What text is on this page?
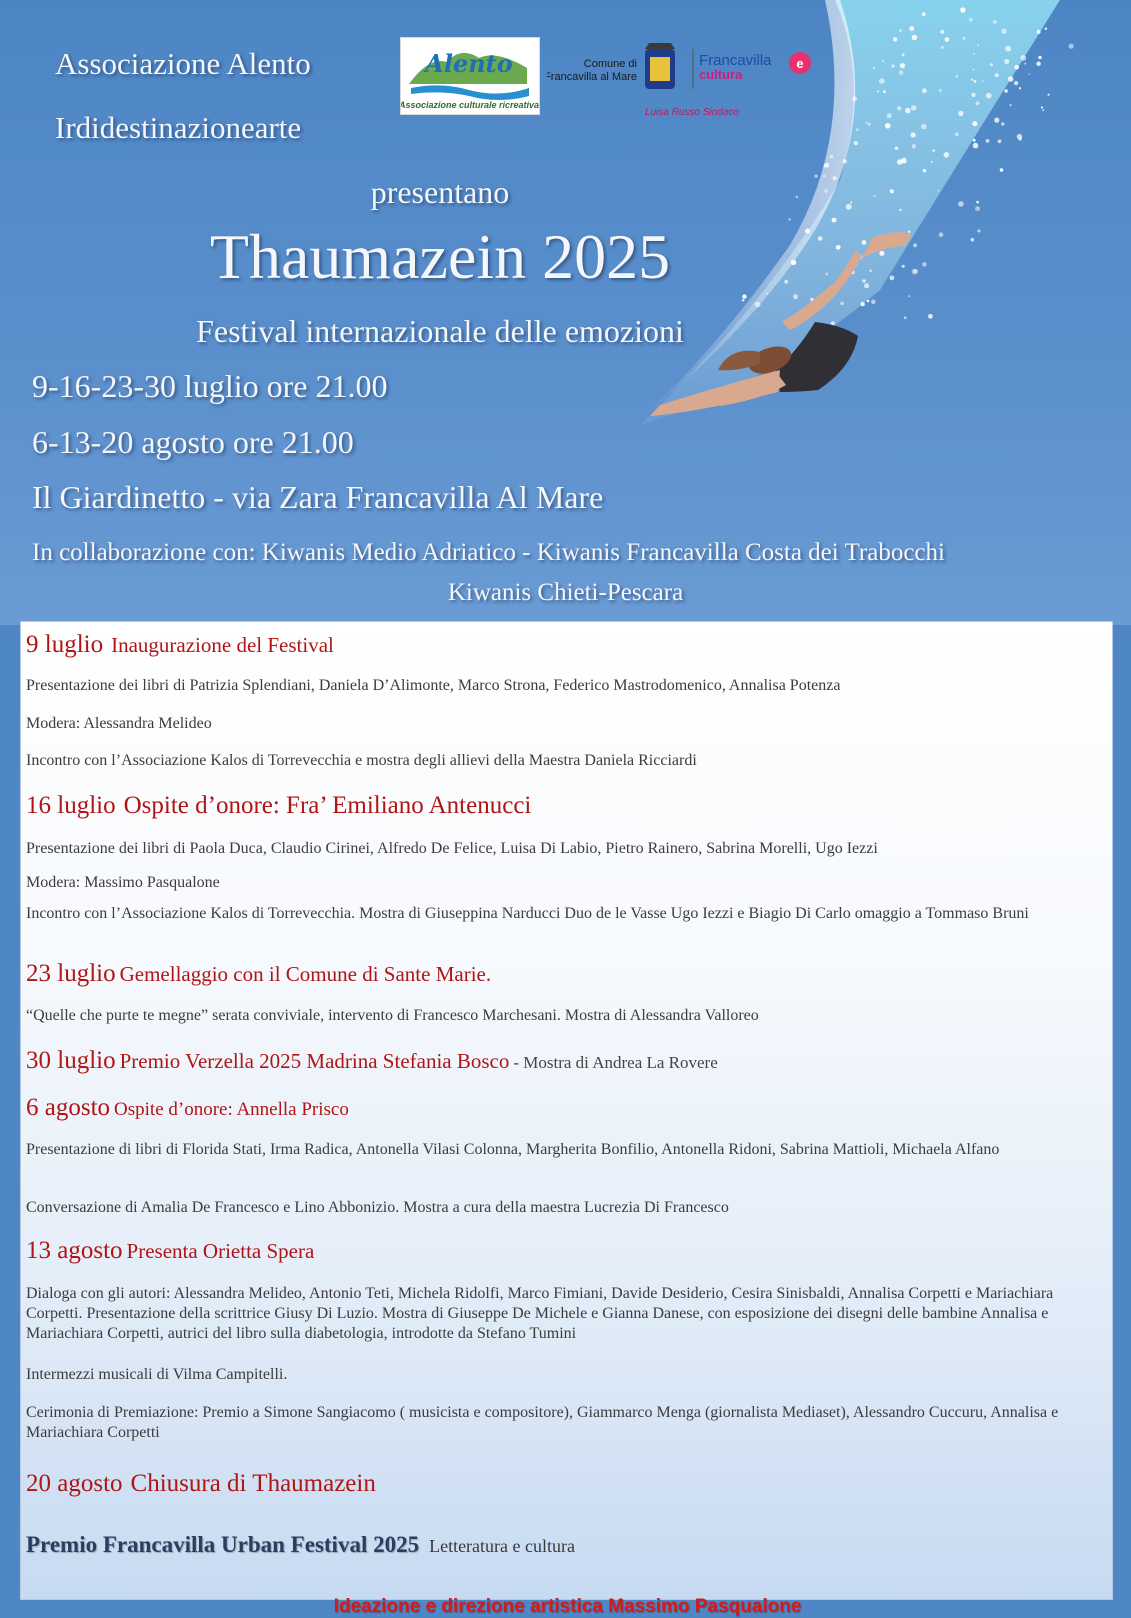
Associazione Alento
Irdidestinazionearte
Alento
Associazione culturale ricreativa
Comune di
Francavilla al Mare
Francavilla
cultura
e
Luisa Russo Sindaco
presentano
Thaumazein 2025
Festival internazionale delle emozioni
9-16-23-30 luglio ore 21.00
6-13-20 agosto ore 21.00
Il Giardinetto - via Zara Francavilla Al Mare
In collaborazione con: Kiwanis Medio Adriatico - Kiwanis Francavilla Costa dei Trabocchi
Kiwanis Chieti-Pescara
9 luglio Inaugurazione del Festival
Presentazione dei libri di Patrizia Splendiani, Daniela D’Alimonte, Marco Strona, Federico Mastrodomenico, Annalisa Potenza
Modera: Alessandra Melideo
Incontro con l’Associazione Kalos di Torrevecchia e mostra degli allievi della Maestra Daniela Ricciardi
16 luglio Ospite d’onore: Fra’ Emiliano Antenucci
Presentazione dei libri di Paola Duca, Claudio Cirinei, Alfredo De Felice, Luisa Di Labio, Pietro Rainero, Sabrina Morelli, Ugo Iezzi
Modera: Massimo Pasqualone
Incontro con l’Associazione Kalos di Torrevecchia. Mostra di Giuseppina Narducci Duo de le Vasse Ugo Iezzi e Biagio Di Carlo omaggio a Tommaso Bruni
23 luglio Gemellaggio con il Comune di Sante Marie.
“Quelle che purte te megne” serata conviviale, intervento di Francesco Marchesani. Mostra di Alessandra Valloreo
30 luglio Premio Verzella 2025 Madrina Stefania Bosco - Mostra di Andrea La Rovere
6 agosto Ospite d’onore: Annella Prisco
Presentazione di libri di Florida Stati, Irma Radica, Antonella Vilasi Colonna, Margherita Bonfilio, Antonella Ridoni, Sabrina Mattioli, Michaela Alfano
Conversazione di Amalia De Francesco e Lino Abbonizio. Mostra a cura della maestra Lucrezia Di Francesco
13 agosto Presenta Orietta Spera
Dialoga con gli autori: Alessandra Melideo, Antonio Teti, Michela Ridolfi, Marco Fimiani, Davide Desiderio, Cesira Sinisbaldi, Annalisa Corpetti e Mariachiara Corpetti. Presentazione della scrittrice Giusy Di Luzio. Mostra di Giuseppe De Michele e Gianna Danese, con esposizione dei disegni delle bambine Annalisa e Mariachiara Corpetti, autrici del libro sulla diabetologia, introdotte da Stefano Tumini
Intermezzi musicali di Vilma Campitelli.
Cerimonia di Premiazione: Premio a Simone Sangiacomo ( musicista e compositore), Giammarco Menga (giornalista Mediaset), Alessandro Cuccuru, Annalisa e Mariachiara Corpetti
20 agosto Chiusura di Thaumazein
Premio Francavilla Urban Festival 2025 Letteratura e cultura
Ideazione e direzione artistica Massimo Pasqualone
